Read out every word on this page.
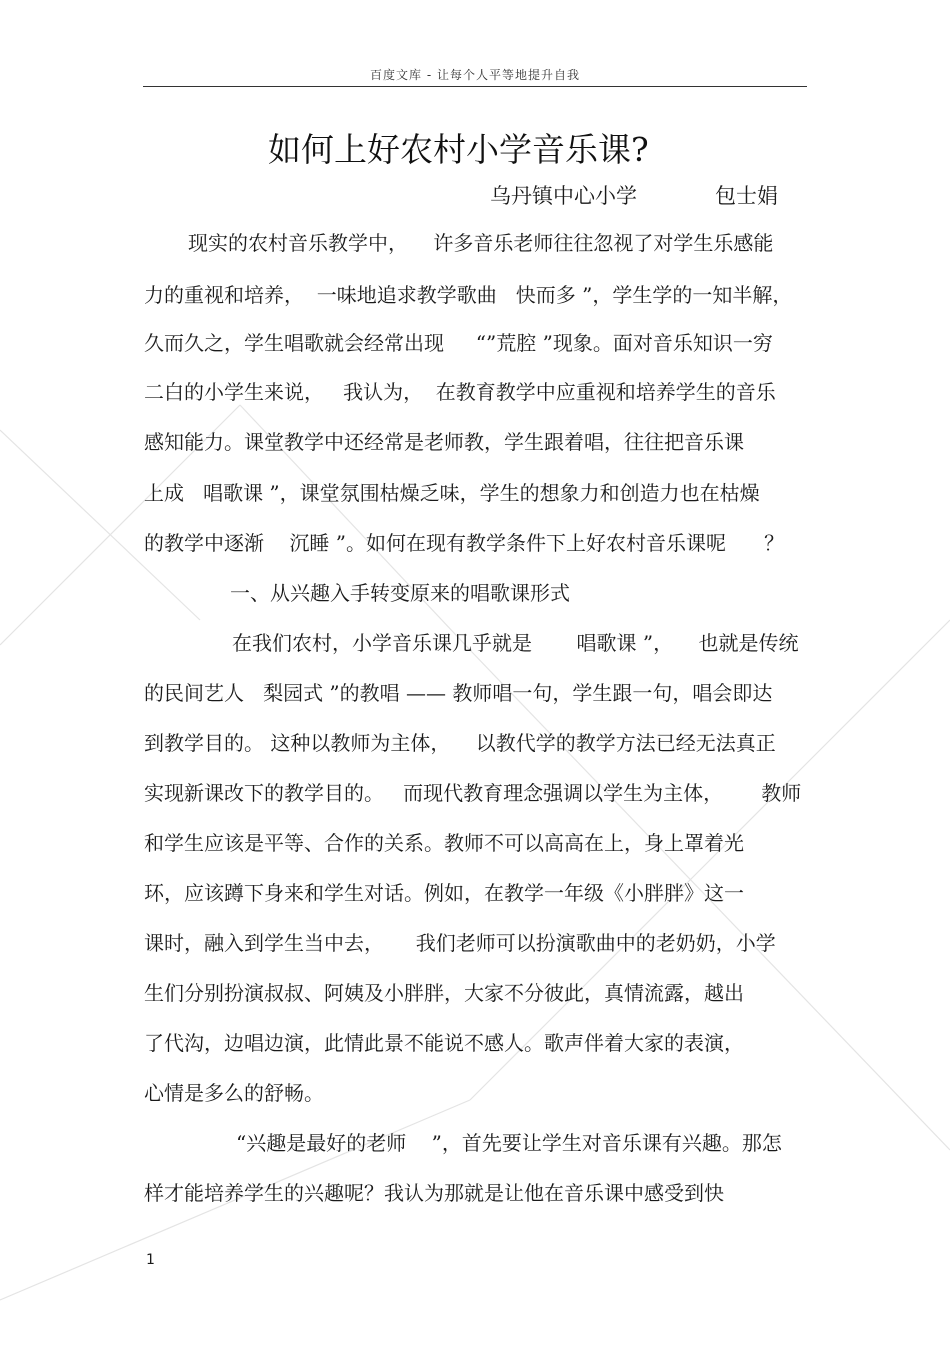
百度文库 - 让每个人平等地提升自我
如何上好农村小学音乐课?
乌丹镇中心小学	包士娟
现实的农村音乐教学中，    许多音乐老师往往忽视了对学生乐感能
力的重视和培养，  一味地追求教学歌曲   快而多 ”，学生学的一知半解，
久而久之，学生唱歌就会经常出现     “”荒腔 ”现象。面对音乐知识一穷
二白的小学生来说，   我认为，  在教育教学中应重视和培养学生的音乐
感知能力。课堂教学中还经常是老师教，学生跟着唱，往往把音乐课
上成   唱歌课 ”，课堂氛围枯燥乏味，学生的想象力和创造力也在枯燥
的教学中逐渐    沉睡 ”。如何在现有教学条件下上好农村音乐课呢      ？
一、从兴趣入手转变原来的唱歌课形式
在我们农村，小学音乐课几乎就是       唱歌课 ”，    也就是传统
的民间艺人   梨园式 ”的教唱 —— 教师唱一句，学生跟一句，唱会即达
到教学目的。 这种以教师为主体，    以教代学的教学方法已经无法真正
实现新课改下的教学目的。   而现代教育理念强调以学生为主体，      教师
和学生应该是平等、合作的关系。教师不可以高高在上，身上罩着光
环，应该蹲下身来和学生对话。例如，在教学一年级《小胖胖》这一
课时，融入到学生当中去，     我们老师可以扮演歌曲中的老奶奶，小学
生们分别扮演叔叔、阿姨及小胖胖，大家不分彼此，真情流露，越出
了代沟，边唱边演，此情此景不能说不感人。歌声伴着大家的表演，
心情是多么的舒畅。
“兴趣是最好的老师    ”，首先要让学生对音乐课有兴趣。那怎
样才能培养学生的兴趣呢？我认为那就是让他在音乐课中感受到快
1
